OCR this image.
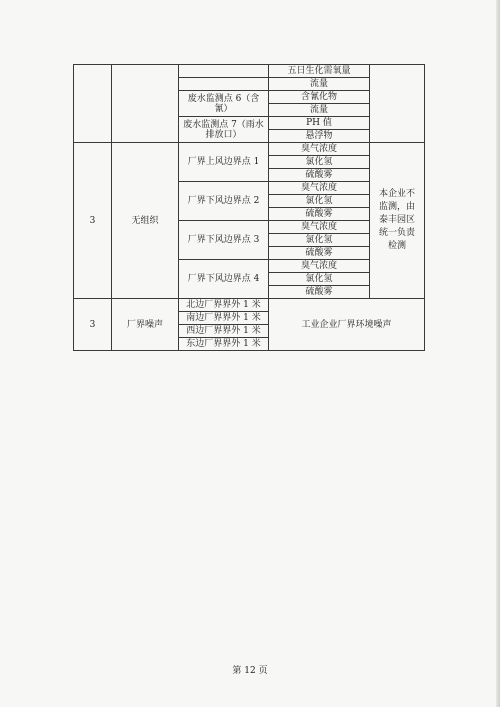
			五日生化需氧量	
			流量	
		废水监测点 6（含氰）	含氰化物	
			流量	
		废水监测点 7（雨水排放口）	PH 值	
			悬浮物	
3	无组织	厂界上风边界点 1	臭气浓度	本企业不监测，由泰丰园区统一负责检测
			氯化氢	
			硫酸雾	
		厂界下风边界点 2	臭气浓度	
			氯化氢	
			硫酸雾	
		厂界下风边界点 3	臭气浓度	
			氯化氢	
			硫酸雾	
		厂界下风边界点 4	臭气浓度	
			氯化氢	
			硫酸雾	
3	厂界噪声	北边厂界界外 1 米	工业企业厂界环境噪声	
		南边厂界界外 1 米		
		西边厂界界外 1 米		
		东边厂界界外 1 米		
第 12 页
